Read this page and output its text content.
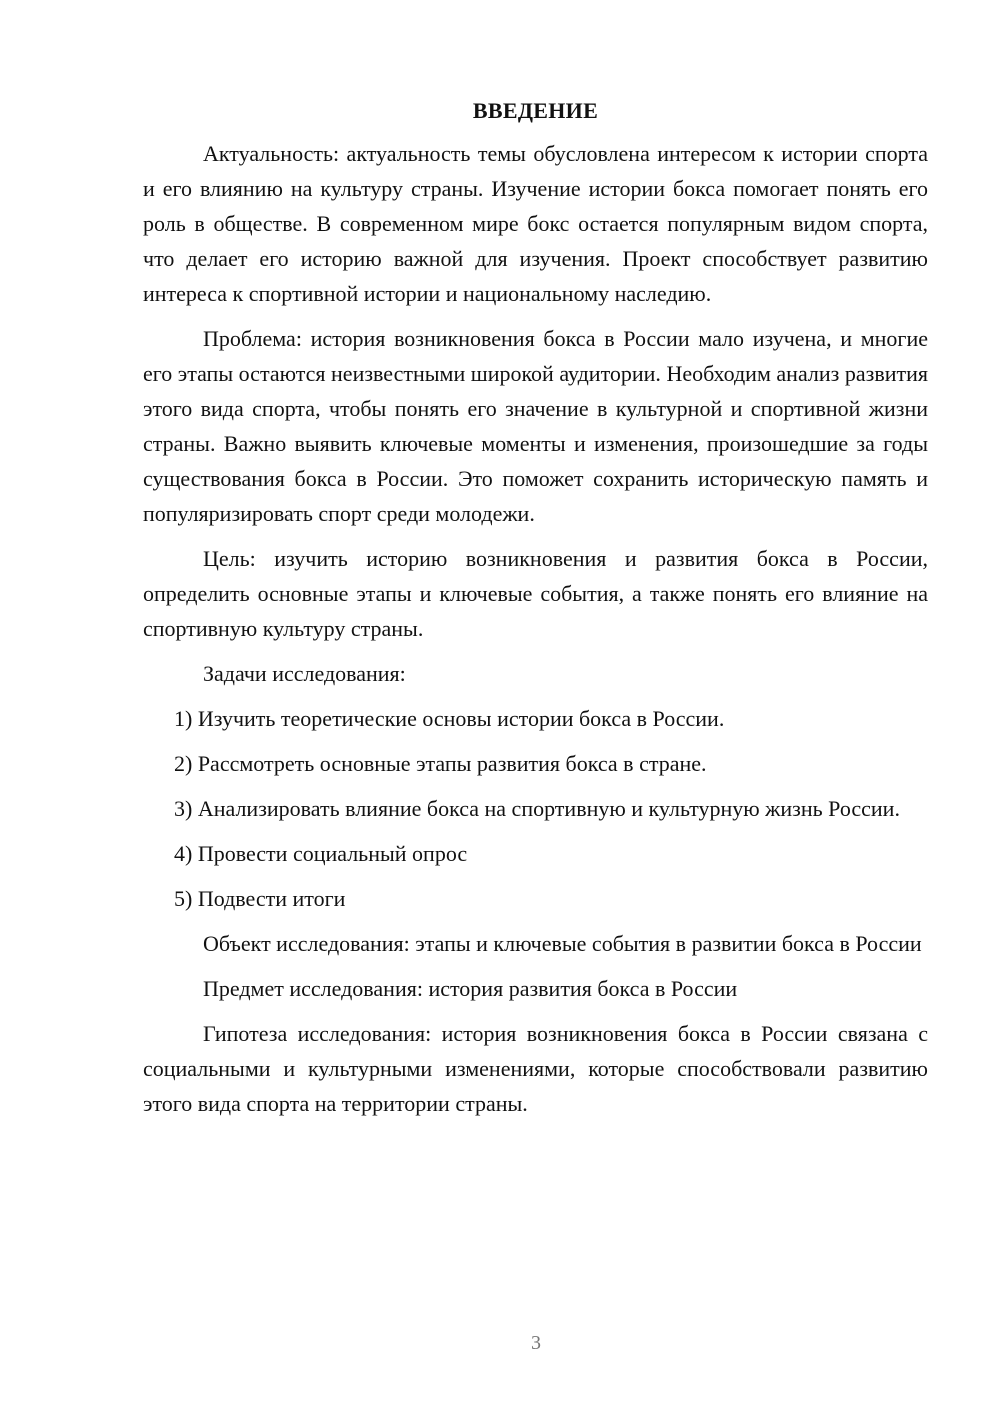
ВВЕДЕНИЕ

Актуальность: актуальность темы обусловлена интересом к истории спорта и его влиянию на культуру страны. Изучение истории бокса помогает понять его роль в обществе. В современном мире бокс остается популярным видом спорта, что делает его историю важной для изучения. Проект способствует развитию интереса к спортивной истории и национальному наследию.

Проблема: история возникновения бокса в России мало изучена, и многие его этапы остаются неизвестными широкой аудитории. Необходим анализ развития этого вида спорта, чтобы понять его значение в культурной и спортивной жизни страны. Важно выявить ключевые моменты и изменения, произошедшие за годы существования бокса в России. Это поможет сохранить историческую память и популяризировать спорт среди молодежи.

Цель: изучить историю возникновения и развития бокса в России, определить основные этапы и ключевые события, а также понять его влияние на спортивную культуру страны.

Задачи исследования:

1) Изучить теоретические основы истории бокса в России.

2) Рассмотреть основные этапы развития бокса в стране.

3) Анализировать влияние бокса на спортивную и культурную жизнь России.

4) Провести социальный опрос

5) Подвести итоги

Объект исследования: этапы и ключевые события в развитии бокса в России

Предмет исследования: история развития бокса в России

Гипотеза исследования: история возникновения бокса в России связана с социальными и культурными изменениями, которые способствовали развитию этого вида спорта на территории страны.

3
